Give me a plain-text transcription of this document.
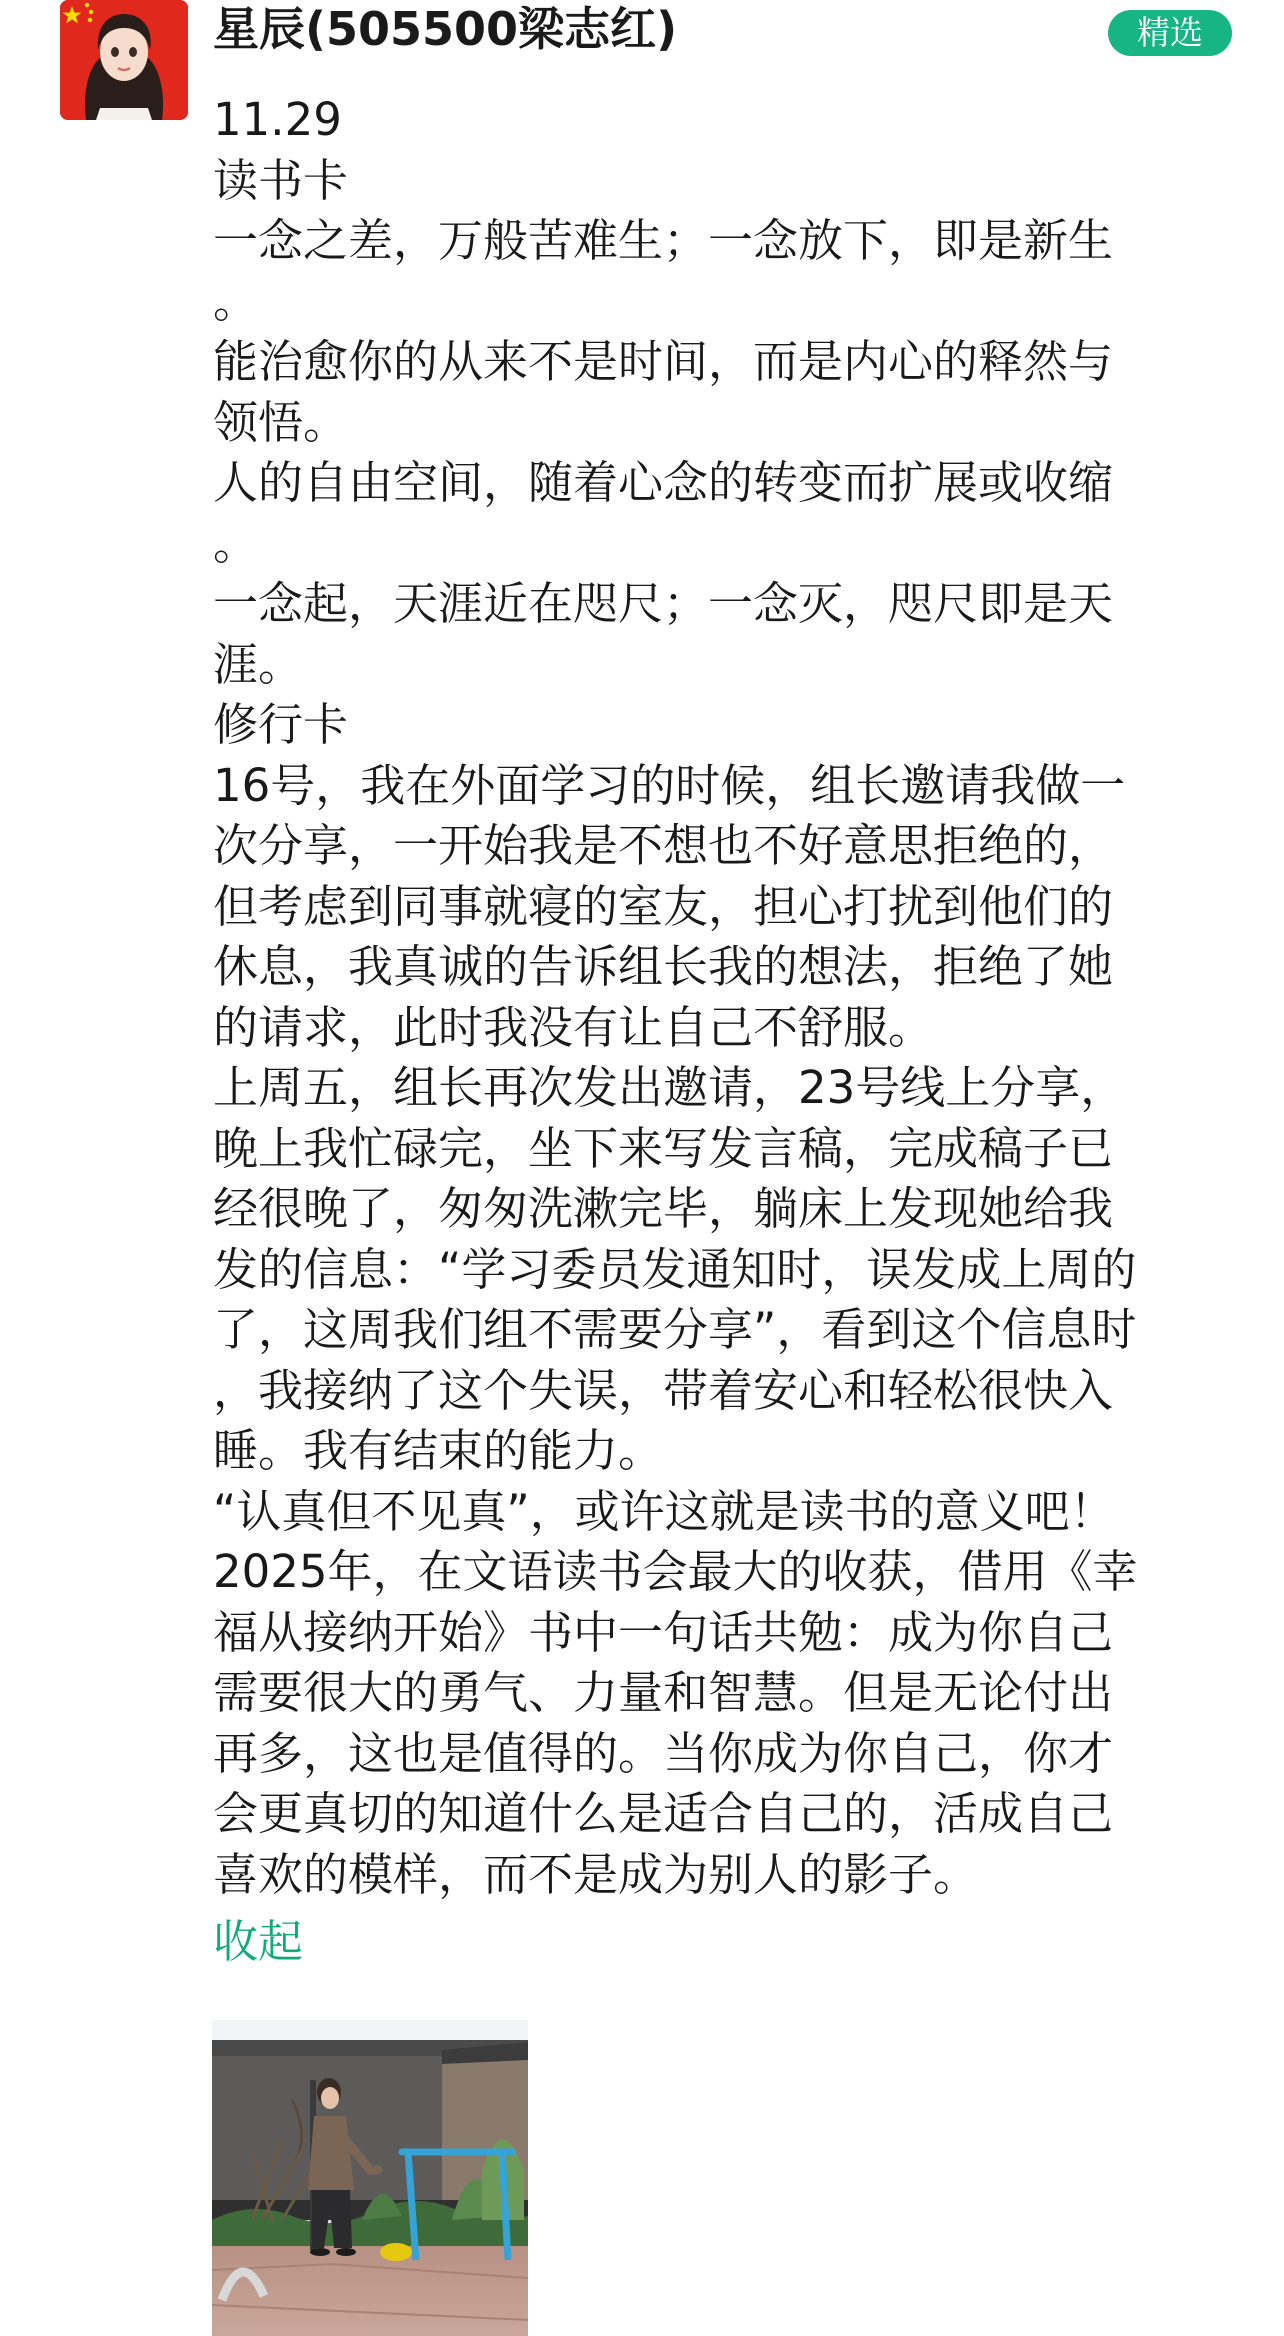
星辰(505500梁志红)	精选
11.29
读书卡
一念之差，万般苦难生；一念放下，即是新生
。
能治愈你的从来不是时间，而是内心的释然与
领悟。
人的自由空间，随着心念的转变而扩展或收缩
。
一念起，天涯近在咫尺；一念灭，咫尺即是天
涯。
修行卡
16号，我在外面学习的时候，组长邀请我做一
次分享，一开始我是不想也不好意思拒绝的，
但考虑到同事就寝的室友，担心打扰到他们的
休息，我真诚的告诉组长我的想法，拒绝了她
的请求，此时我没有让自己不舒服。
上周五，组长再次发出邀请，23号线上分享，
晚上我忙碌完，坐下来写发言稿，完成稿子已
经很晚了，匆匆洗漱完毕，躺床上发现她给我
发的信息：“学习委员发通知时，误发成上周的
了，这周我们组不需要分享”，看到这个信息时
，我接纳了这个失误，带着安心和轻松很快入
睡。我有结束的能力。
“认真但不见真”，或许这就是读书的意义吧！
2025年，在文语读书会最大的收获，借用《幸
福从接纳开始》书中一句话共勉：成为你自己
需要很大的勇气、力量和智慧。但是无论付出
再多，这也是值得的。当你成为你自己，你才
会更真切的知道什么是适合自己的，活成自己
喜欢的模样，而不是成为别人的影子。
收起
